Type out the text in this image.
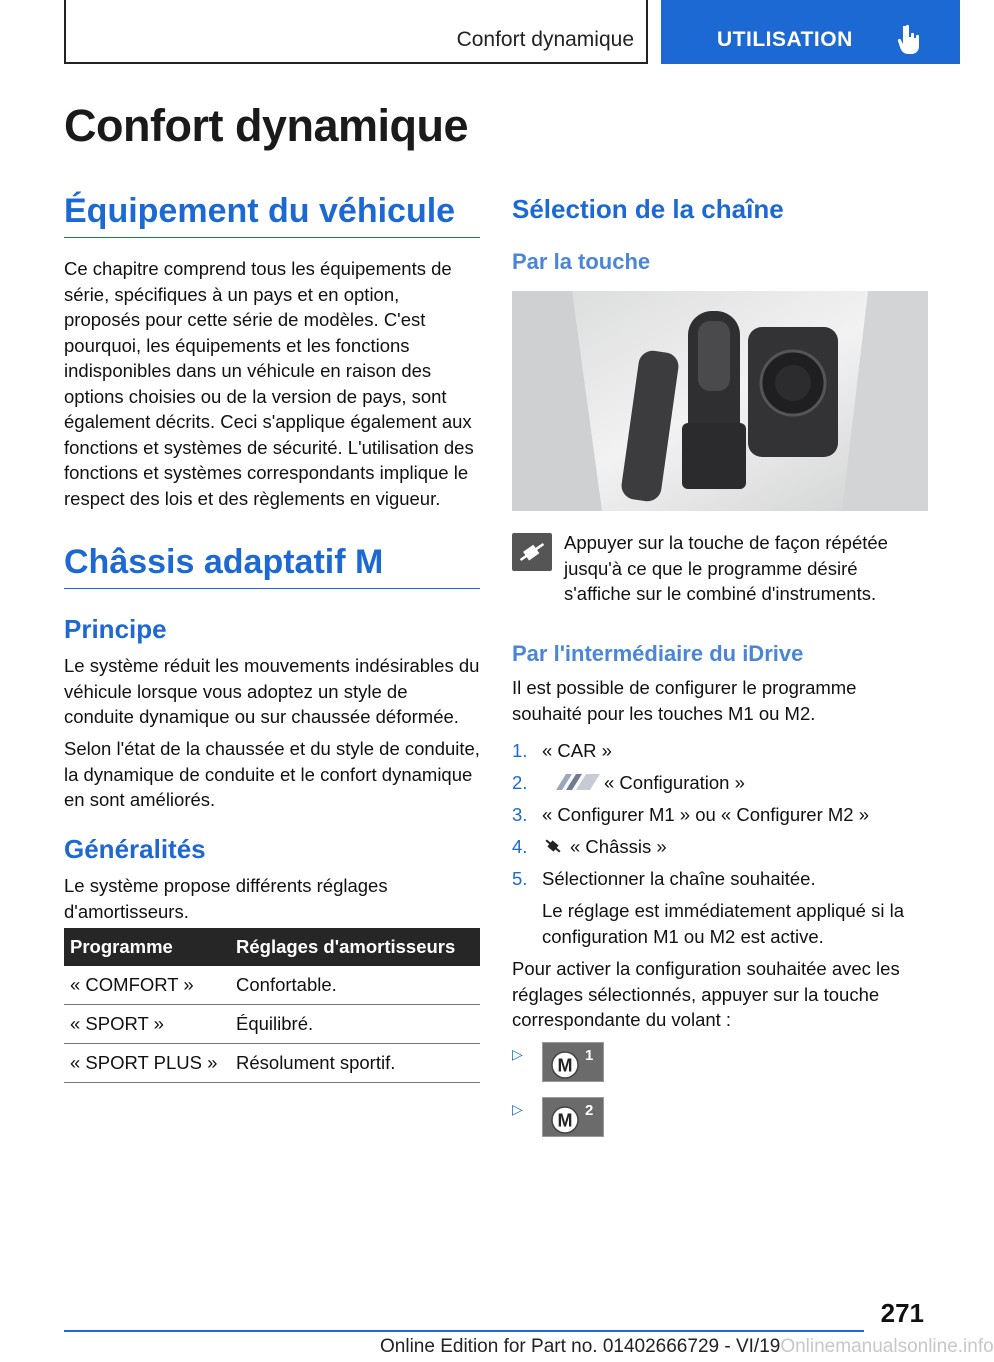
Confort dynamique	UTILISATION
Confort dynamique
Équipement du véhicule

Ce chapitre comprend tous les équipements de série, spécifiques à un pays et en option, proposés pour cette série de modèles. C'est pourquoi, les équipements et les fonctions indisponibles dans un véhicule en raison des options choisies ou de la version de pays, sont également décrits. Ceci s'applique également aux fonctions et systèmes de sécurité. L'utilisation des fonctions et systèmes correspondants implique le respect des lois et des règlements en vigueur.

Châssis adaptatif M
Principe

Le système réduit les mouvements indésirables du véhicule lorsque vous adoptez un style de conduite dynamique ou sur chaussée déformée.

Selon l'état de la chaussée et du style de conduite, la dynamique de conduite et le confort dynamique en sont améliorés.

Généralités

Le système propose différents réglages d'amortisseurs.

Programme	Réglages d'amortisseurs
« COMFORT »	Confortable.
« SPORT »	Équilibré.
« SPORT PLUS »	Résolument sportif.
Sélection de la chaîne
Par la touche

Appuyer sur la touche de façon répétée jusqu'à ce que le programme désiré s'affiche sur le combiné d'instruments.

Par l'intermédiaire du iDrive

Il est possible de configurer le programme souhaité pour les touches M1 ou M2.

1. « CAR »
2.	« Configuration »
3. « Configurer M1 » ou « Configurer M2 »
4. « Châssis »
5. Sélectionner la chaîne souhaitée.

Le réglage est immédiatement appliqué si la configuration M1 ou M2 est active.

Pour activer la configuration souhaitée avec les réglages sélectionnés, appuyer sur la touche correspondante du volant :

▷
M 1
▷
M 2
271
Online Edition for Part no. 01402666729 - VI/19Onlinemanualsonline.info
